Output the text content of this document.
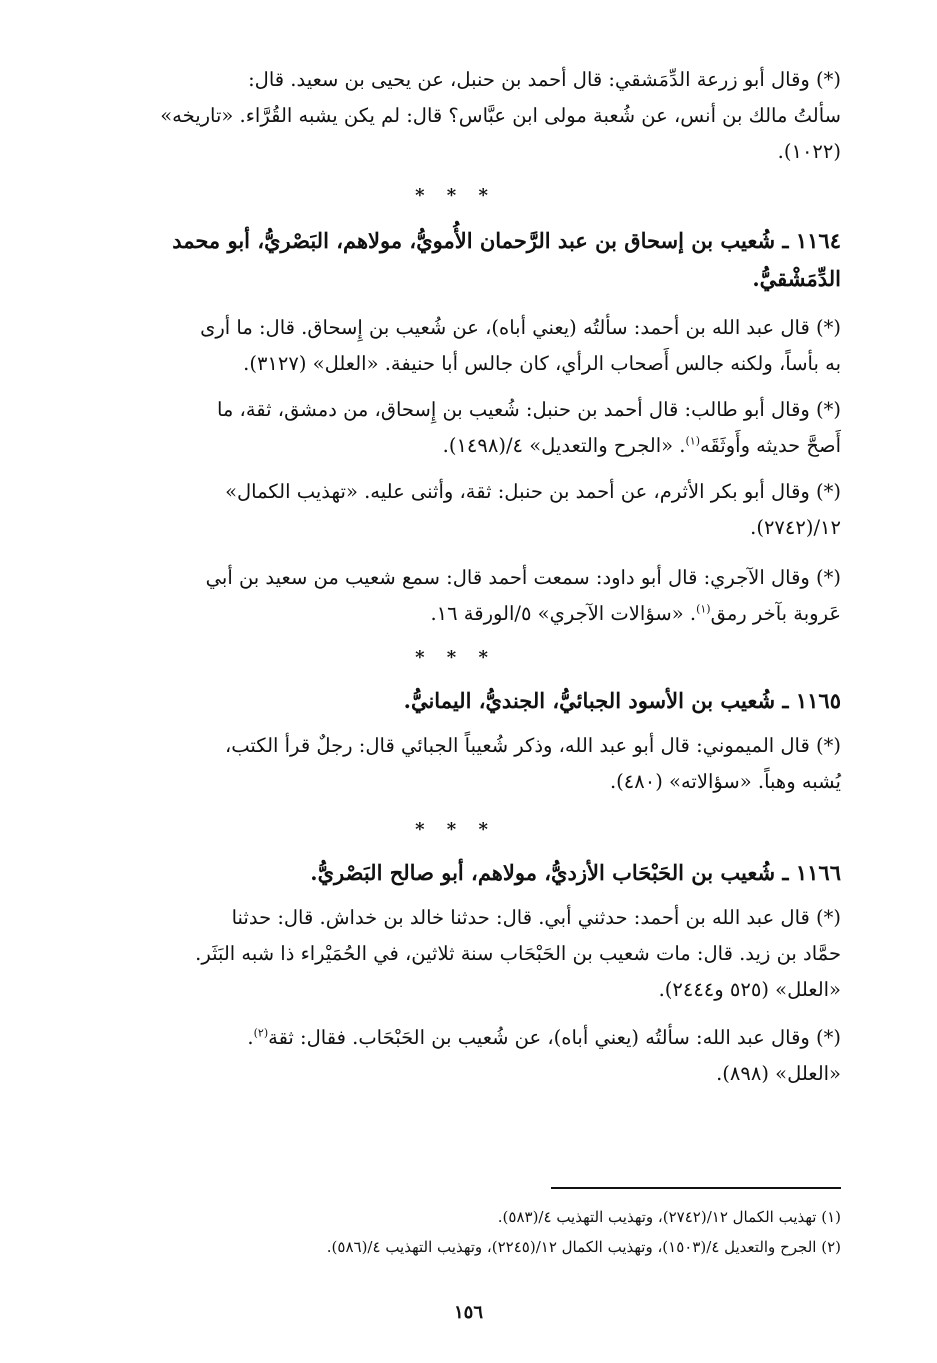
(*) وقال أبو زرعة الدِّمَشقي: قال أحمد بن حنبل، عن يحيى بن سعيد. قال:
سألتُ مالك بن أنس، عن شُعبة مولى ابن عبَّاس؟ قال: لم يكن يشبه القُرَّاء. «تاريخه»
(١٠٢٢).

* * *

١١٦٤ ـ شُعيب بن إسحاق بن عبد الرَّحمان الأُمويُّ، مولاهم، البَصْريُّ، أبو محمد
الدِّمَشْقيُّ.

(*) قال عبد الله بن أحمد: سألتُه (يعني أباه)، عن شُعيب بن إِسحاق. قال: ما أرى
به بأساً، ولكنه جالس أَصحاب الرأي، كان جالس أبا حنيفة. «العلل» (٣١٢٧).

(*) وقال أبو طالب: قال أحمد بن حنبل: شُعيب بن إِسحاق، من دمشق، ثقة، ما
أَصحَّ حديثه وأَوثَقَه$^{(١)}$. «الجرح والتعديل» ٤/(١٤٩٨).

(*) وقال أبو بكر الأثرم، عن أحمد بن حنبل: ثقة، وأثنى عليه. «تهذيب الكمال»
١٢/(٢٧٤٢).

(*) وقال الآجري: قال أبو داود: سمعت أحمد قال: سمع شعيب من سعيد بن أبي
عَروبة بآخر رمق$^{(١)}$. «سؤالات الآجري» ٥/الورقة ١٦.

* * *

١١٦٥ ـ شُعيب بن الأسود الجبائيُّ، الجنديُّ، اليمانيُّ.

(*) قال الميموني: قال أبو عبد الله، وذكر شُعيباً الجبائي قال: رجلٌ قرأ الكتب،
يُشبه وهباً. «سؤالاته» (٤٨٠).

* * *

١١٦٦ ـ شُعيب بن الحَبْحَاب الأزديُّ، مولاهم، أبو صالح البَصْريُّ.

(*) قال عبد الله بن أحمد: حدثني أبي. قال: حدثنا خالد بن خداش. قال: حدثنا
حمَّاد بن زيد. قال: مات شعيب بن الحَبْحَاب سنة ثلاثين، في الحُمَيْراء ذا شبه البَثَر.
«العلل» (٥٢٥ و٢٤٤٤).

(*) وقال عبد الله: سألتُه (يعني أباه)، عن شُعيب بن الحَبْحَاب. فقال: ثقة$^{(٢)}$.
«العلل» (٨٩٨).

(١) تهذيب الكمال ١٢/(٢٧٤٢)، وتهذيب التهذيب ٤/(٥٨٣).
(٢) الجرح والتعديل ٤/(١٥٠٣)، وتهذيب الكمال ١٢/(٢٢٤٥)، وتهذيب التهذيب ٤/(٥٨٦).
١٥٦
